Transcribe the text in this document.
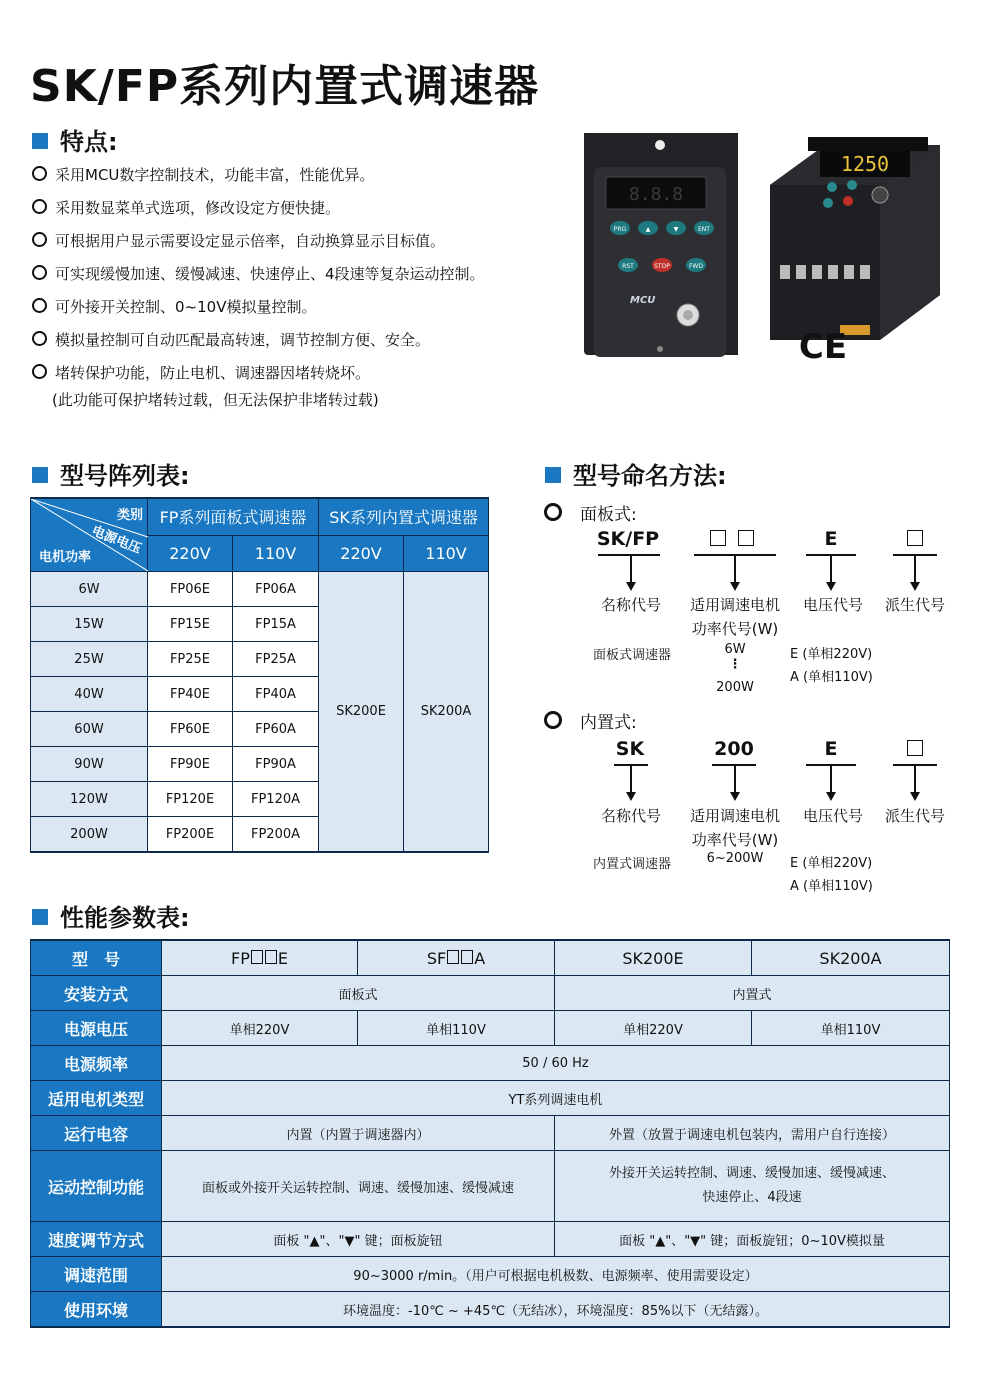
SK/FP系列内置式调速器
特点:
采用MCU数字控制技术，功能丰富，性能优异。
采用数显菜单式选项，修改设定方便快捷。
可根据用户显示需要设定显示倍率，自动换算显示目标值。
可实现缓慢加速、缓慢减速、快速停止、4段速等复杂运动控制。
可外接开关控制、0~10V模拟量控制。
模拟量控制可自动匹配最高转速，调节控制方便、安全。
堵转保护功能，防止电机、调速器因堵转烧坏。
(此功能可保护堵转过载，但无法保护非堵转过载)
8.8.8
PRG	▲	▼	ENT
RST	STOP	FWD
MCU
1250
CE
型号阵列表:
类别
电源电压
电机功率	FP系列面板式调速器		SK系列内置式调速器	
	220V	110V	220V	110V
6W	FP06E	FP06A	SK200E	SK200A
15W	FP15E	FP15A		
25W	FP25E	FP25A		
40W	FP40E	FP40A		
60W	FP60E	FP60A		
90W	FP90E	FP90A		
120W	FP120E	FP120A		
200W	FP200E	FP200A		
型号命名方法:
面板式:
SK/FP	E
名称代号	适用调速电机
功率代号(W)
电压代号	派生代号
面板式调速器	6W
⋮
200W
E (单相220V)
A (单相110V)
内置式:
SK	200	E
名称代号	适用调速电机
功率代号(W)
电压代号	派生代号
内置式调速器	6~200W	E (单相220V)
A (单相110V)
性能参数表:
型　号	FP E	SF A	SK200E	SK200A
安装方式	面板式		内置式	
电源电压	单相220V	单相110V	单相220V	单相110V
电源频率	50 / 60 Hz			
适用电机类型	YT系列调速电机			
运行电容	内置（内置于调速器内）		外置（放置于调速电机包装内，需用户自行连接）	
运动控制功能	面板或外接开关运转控制、调速、缓慢加速、缓慢减速		外接开关运转控制、调速、缓慢加速、缓慢减速、
快速停止、4段速	
速度调节方式	面板 "▲"、"▼" 键；面板旋钮		面板 "▲"、"▼" 键；面板旋钮；0~10V模拟量	
调速范围	90~3000 r/min。（用户可根据电机极数、电源频率、使用需要设定）			
使用环境	环境温度：-10℃ ~ +45℃（无结冰），环境湿度：85%以下（无结露）。			
